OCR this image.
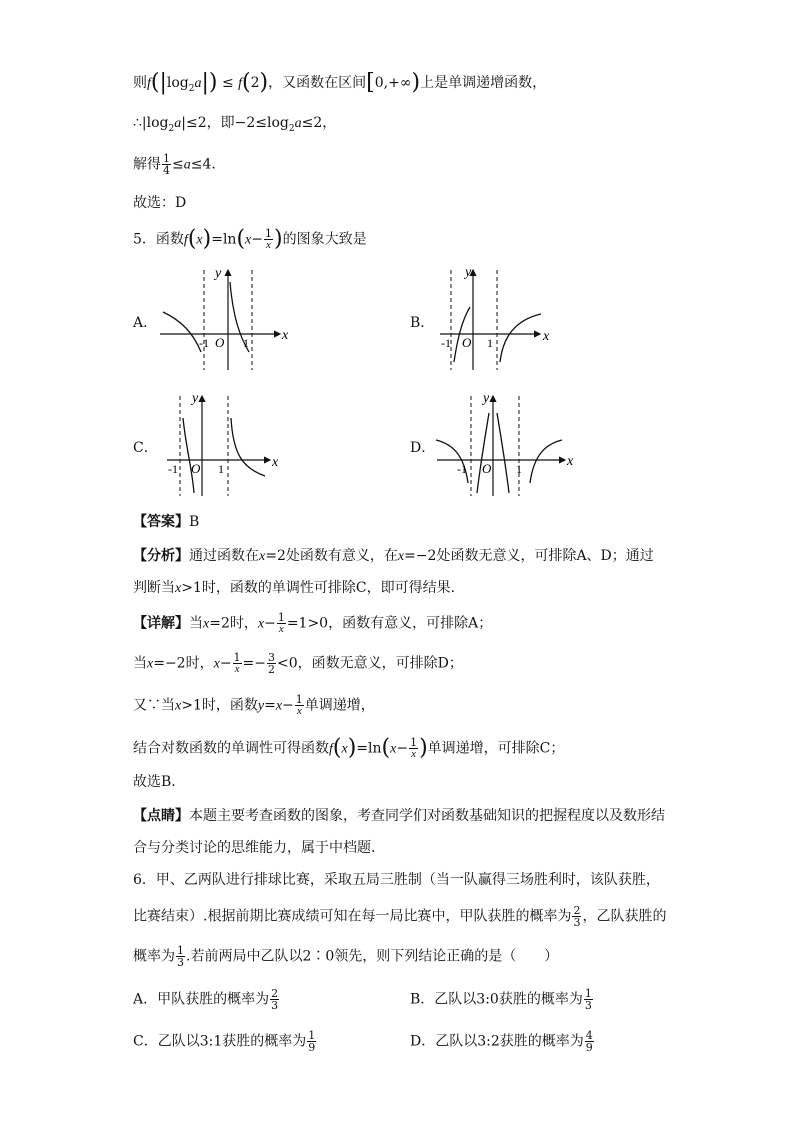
则$f(|\log_2a|) \le f(2)$，又函数在区间[0,+∞)上是单调递增函数，
$\therefore|\log_2a|\le 2$，即$-2\le\log_2a\le 2$，
解得 $\frac{1}{4} \le a\le 4$.
故选：D
5．函数$f(x)=\ln(x- \frac{1}{x}$ )的图象大致是
A．	B．
C．	D．
y
x
O
-1	1
y
x
O
-1	1
y
x
O
-1	1
y
x
O
-1	1
【答案】B
【分析】通过函数在x=2处函数有意义，在x=−2处函数无意义，可排除A、D；通过
判断当x>1时，函数的单调性可排除C，即可得结果.
【详解】当x=2时，$x- \frac{1}{x} =1>0$，函数有意义，可排除A；
当x=−2时，$x- \frac{1}{x} =- \frac{3}{2} <0$，函数无意义，可排除D；
又∵当x>1时，函数$y=x- \frac{1}{x}$ 单调递增，
结合对数函数的单调性可得函数$f(x)=\ln(x- \frac{1}{x}$ )单调递增，可排除C；
故选B.
【点睛】本题主要考查函数的图象，考查同学们对函数基础知识的把握程度以及数形结
合与分类讨论的思维能力，属于中档题.
6．甲、乙两队进行排球比赛，采取五局三胜制（当一队赢得三场胜利时，该队获胜，
比赛结束）.根据前期比赛成绩可知在每一局比赛中，甲队获胜的概率为 $\frac{2}{3}$ ，乙队获胜的
概率为 $\frac{1}{3}$ .若前两局中乙队以2∶0领先，则下列结论正确的是（　　）
A．甲队获胜的概率为 $\frac{2}{3}$	B．乙队以3:0获胜的概率为 $\frac{1}{3}$
C．乙队以3:1获胜的概率为 $\frac{1}{9}$	D．乙队以3:2获胜的概率为 $\frac{4}{9}$
